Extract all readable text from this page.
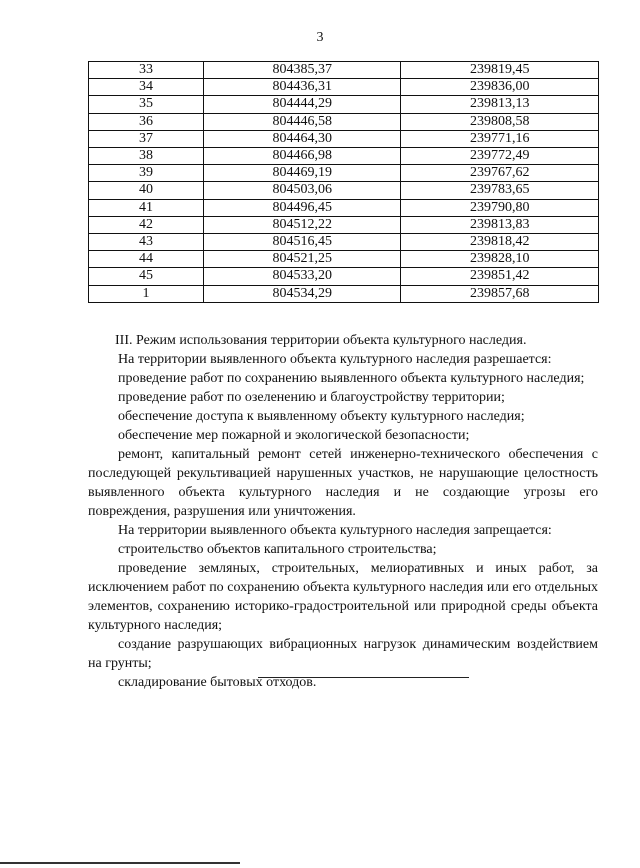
3
33	804385,37	239819,45
34	804436,31	239836,00
35	804444,29	239813,13
36	804446,58	239808,58
37	804464,30	239771,16
38	804466,98	239772,49
39	804469,19	239767,62
40	804503,06	239783,65
41	804496,45	239790,80
42	804512,22	239813,83
43	804516,45	239818,42
44	804521,25	239828,10
45	804533,20	239851,42
1	804534,29	239857,68

III. Режим использования территории объекта культурного наследия.

На территории выявленного объекта культурного наследия разрешается:

проведение работ по сохранению выявленного объекта культурного наследия;

проведение работ по озеленению и благоустройству территории;

обеспечение доступа к выявленному объекту культурного наследия;

обеспечение мер пожарной и экологической безопасности;

ремонт, капитальный ремонт сетей инженерно-технического обеспечения с последующей рекультивацией нарушенных участков, не нарушающие целостность выявленного объекта культурного наследия и не создающие угрозы его повреждения, разрушения или уничтожения.

На территории выявленного объекта культурного наследия запрещается:

строительство объектов капитального строительства;

проведение земляных, строительных, мелиоративных и иных работ, за исключением работ по сохранению объекта культурного наследия или его отдельных элементов, сохранению историко-градостроительной или природной среды объекта культурного наследия;

создание разрушающих вибрационных нагрузок динамическим воздействием на грунты;

складирование бытовых отходов.
